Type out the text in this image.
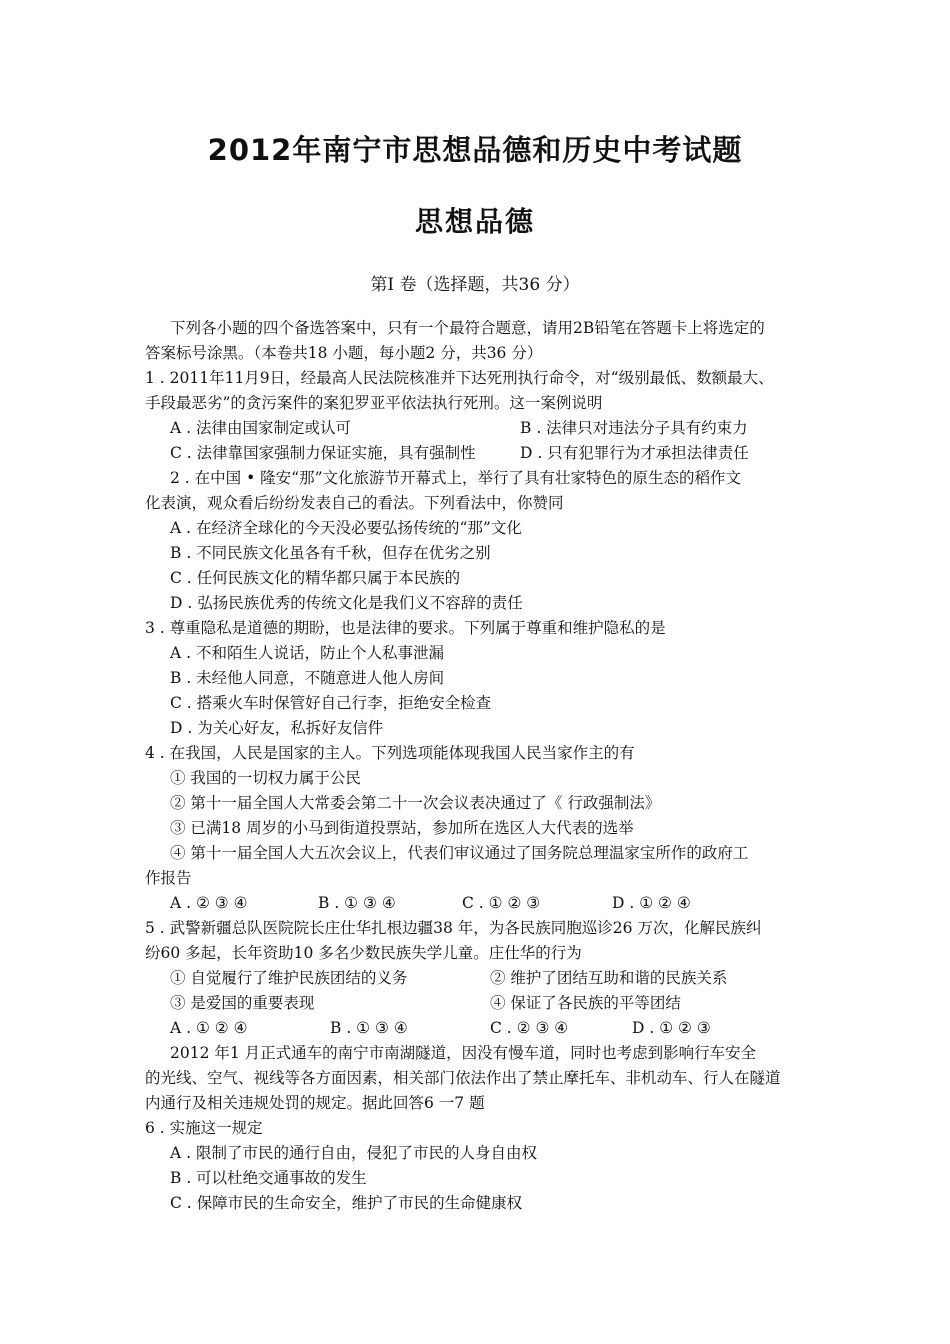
2012年南宁市思想品德和历史中考试题
思想品德
第Ⅰ 卷（选择题，共36 分）
下列各小题的四个备选答案中，只有一个最符合题意，请用2B铅笔在答题卡上将选定的
答案标号涂黑。（本卷共18 小题，每小题2 分，共36 分）
1 . 2011年11月9日，经最高人民法院核准并下达死刑执行命令，对“级别最低、数额最大、
手段最恶劣”的贪污案件的案犯罗亚平依法执行死刑。这一案例说明
A . 法律由国家制定或认可	B . 法律只对违法分子具有约束力
C . 法律靠国家强制力保证实施，具有强制性	D . 只有犯罪行为才承担法律责任
2 . 在中国 • 隆安“那”文化旅游节开幕式上，举行了具有壮家特色的原生态的稻作文
化表演，观众看后纷纷发表自己的看法。下列看法中，你赞同
A . 在经济全球化的今天没必要弘扬传统的“那”文化
B . 不同民族文化虽各有千秋，但存在优劣之别
C . 任何民族文化的精华都只属于本民族的
D . 弘扬民族优秀的传统文化是我们义不容辞的责任
3 . 尊重隐私是道德的期盼，也是法律的要求。下列属于尊重和维护隐私的是
A . 不和陌生人说话，防止个人私事泄漏
B . 未经他人同意，不随意进人他人房间
C . 搭乘火车时保管好自己行李，拒绝安全检查
D . 为关心好友，私拆好友信件
4 . 在我国，人民是国家的主人。下列选项能体现我国人民当家作主的有
① 我国的一切权力属于公民
② 第十一届全国人大常委会第二十一次会议表决通过了《 行政强制法》
③ 已满18 周岁的小马到街道投票站，参加所在选区人大代表的选举
④ 第十一届全国人大五次会议上，代表们审议通过了国务院总理温家宝所作的政府工
作报告
A . ② ③ ④	B . ① ③ ④	C . ① ② ③	D . ① ② ④
5 . 武警新疆总队医院院长庄仕华扎根边疆38 年，为各民族同胞巡诊26 万次，化解民族纠
纷60 多起，长年资助10 多名少数民族失学儿童。庄仕华的行为
① 自觉履行了维护民族团结的义务	② 维护了团结互助和谐的民族关系
③ 是爱国的重要表现	④ 保证了各民族的平等团结
A . ① ② ④	B . ① ③ ④	C . ② ③ ④	D . ① ② ③
2012 年1 月正式通车的南宁市南湖隧道，因没有慢车道，同时也考虑到影响行车安全
的光线、空气、视线等各方面因素，相关部门依法作出了禁止摩托车、非机动车、行人在隧道
内通行及相关违规处罚的规定。据此回答6 一7 题
6 . 实施这一规定
A . 限制了市民的通行自由，侵犯了市民的人身自由权
B . 可以杜绝交通事故的发生
C . 保障市民的生命安全，维护了市民的生命健康权
